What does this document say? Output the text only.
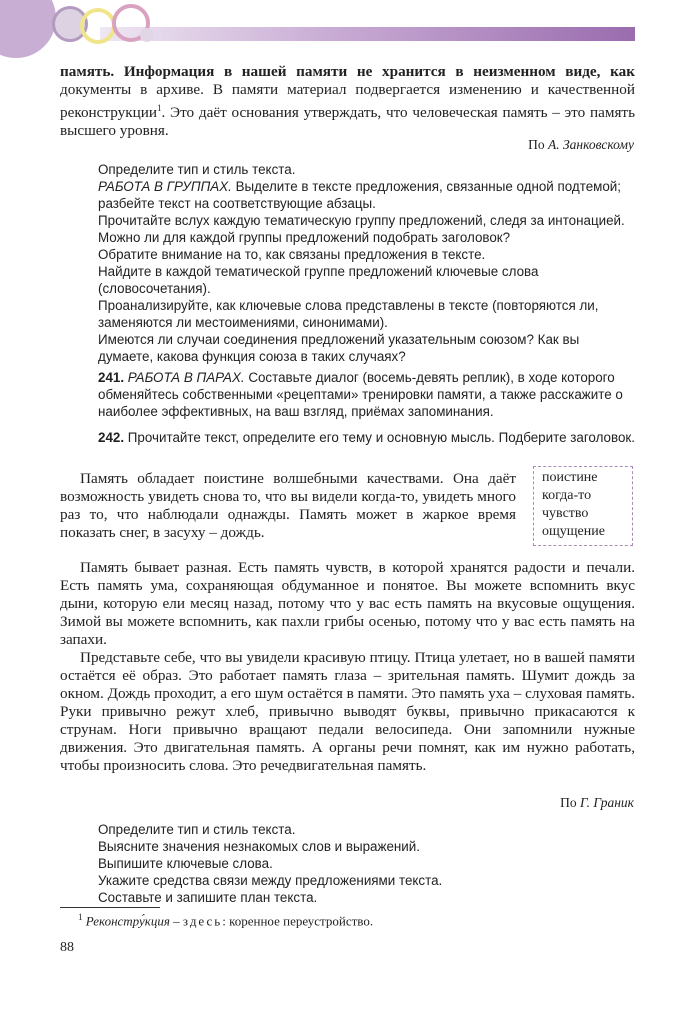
память. Информация в нашей памяти не хранится в неизменном виде, как документы в архиве. В памяти материал подвергается изменению и качественной реконструкции$^1$. Это даёт основания утверждать, что человеческая память – это память высшего уровня.
По А. Занковскому

Определите тип и стиль текста.

РАБОТА В ГРУППАХ. Выделите в тексте предложения, связанные одной подтемой; разбейте текст на соответствующие абзацы.

Прочитайте вслух каждую тематическую группу предложений, следя за интонацией. Можно ли для каждой группы предложений подобрать заголовок?

Обратите внимание на то, как связаны предложения в тексте.

Найдите в каждой тематической группе предложений ключевые слова (словосочетания).

Проанализируйте, как ключевые слова представлены в тексте (повторяются ли, заменяются ли местоимениями, синонимами).

Имеются ли случаи соединения предложений указательным союзом? Как вы думаете, какова функция союза в таких случаях?

241. РАБОТА В ПАРАХ. Составьте диалог (восемь-девять реплик), в ходе которого обменяйтесь собственными «рецептами» тренировки памяти, а также расскажите о наиболее эффективных, на ваш взгляд, приёмах запоминания.
242. Прочитайте текст, определите его тему и основную мысль. Подберите заголовок.
поистине
когда-то
чувство
ощущение

Память обладает поистине волшебными качествами. Она даёт возможность увидеть снова то, что вы видели когда-то, увидеть много раз то, что наблюдали однажды. Память может в жаркое время показать снег, в засуху – дождь.

Память бывает разная. Есть память чувств, в которой хранятся радости и печали. Есть память ума, сохраняющая обдуманное и понятое. Вы можете вспомнить вкус дыни, которую ели месяц назад, потому что у вас есть память на вкусовые ощущения. Зимой вы можете вспомнить, как пахли грибы осенью, потому что у вас есть память на запахи.

Представьте себе, что вы увидели красивую птицу. Птица улетает, но в вашей памяти остаётся её образ. Это работает память глаза – зрительная память. Шумит дождь за окном. Дождь проходит, а его шум остаётся в памяти. Это память уха – слуховая память. Руки привычно режут хлеб, привычно выводят буквы, привычно прикасаются к струнам. Ноги привычно вращают педали велосипеда. Они запомнили нужные движения. Это двигательная память. А органы речи помнят, как им нужно работать, чтобы произносить слова. Это речедвигательная память.

По Г. Граник

Определите тип и стиль текста.

Выясните значения незнакомых слов и выражений.

Выпишите ключевые слова.

Укажите средства связи между предложениями текста.

Составьте и запишите план текста.

$^1$ Реконстру́кция – здесь: коренное переустройство.
88
